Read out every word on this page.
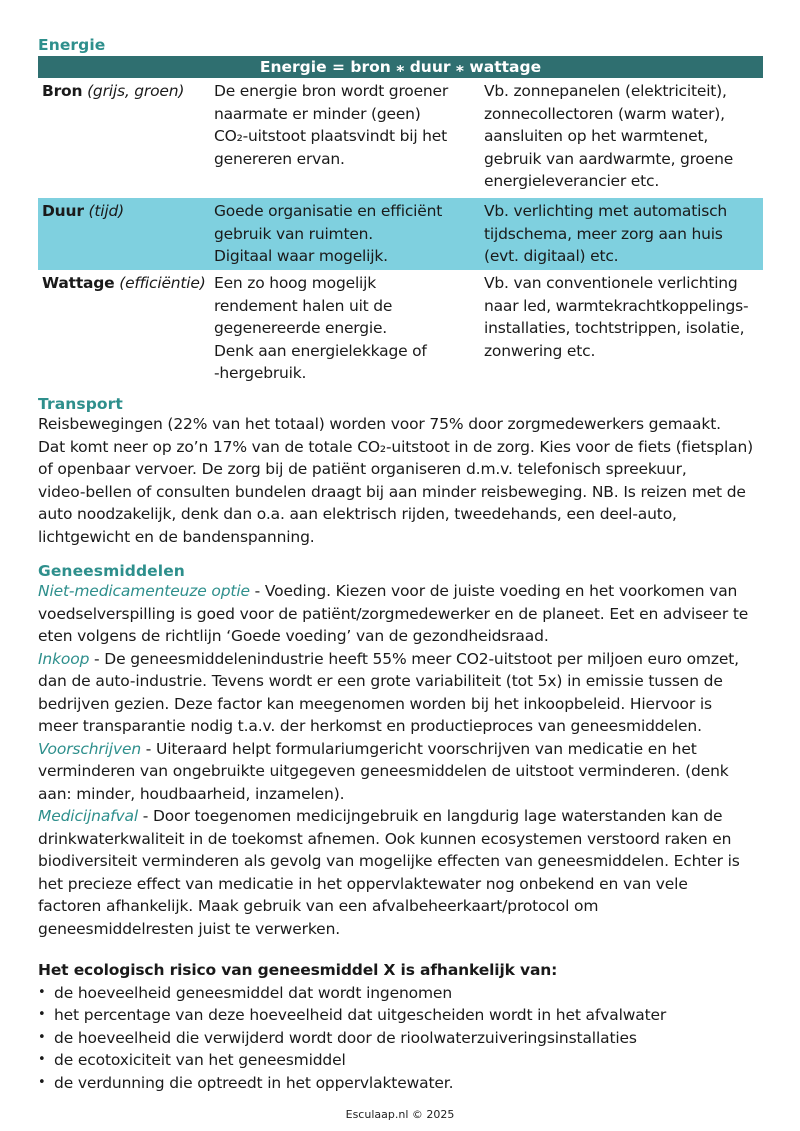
Energie
Energie = bron ⁎ duur ⁎ wattage
Bron (grijs, groen)	De energie bron wordt groener
naarmate er minder (geen)
CO₂-uitstoot plaatsvindt bij het
genereren ervan.
Vb. zonnepanelen (elektriciteit),
zonnecollectoren (warm water),
aansluiten op het warmtenet,
gebruik van aardwarmte, groene
energieleverancier etc.
Duur (tijd)	Goede organisatie en efficiënt
gebruik van ruimten.
Digitaal waar mogelijk.
Vb. verlichting met automatisch
tijdschema, meer zorg aan huis
(evt. digitaal) etc.
Wattage (efficiëntie) Een zo hoog mogelijk
rendement halen uit de
gegenereerde energie.
Denk aan energielekkage of
-hergebruik.
Vb. van conventionele verlichting
naar led, warmtekrachtkoppelings-
installaties, tochtstrippen, isolatie,
zonwering etc.
Transport

Reisbewegingen (22% van het totaal) worden voor 75% door zorgmedewerkers gemaakt.
Dat komt neer op zo’n 17% van de totale CO₂-uitstoot in de zorg. Kies voor de fiets (fietsplan)
of openbaar vervoer. De zorg bij de patiënt organiseren d.m.v. telefonisch spreekuur,
video-bellen of consulten bundelen draagt bij aan minder reisbeweging. NB. Is reizen met de
auto noodzakelijk, denk dan o.a. aan elektrisch rijden, tweedehands, een deel-auto,
lichtgewicht en de bandenspanning.

Geneesmiddelen

Niet-medicamenteuze optie - Voeding. Kiezen voor de juiste voeding en het voorkomen van
voedselverspilling is goed voor de patiënt/zorgmedewerker en de planeet. Eet en adviseer te
eten volgens de richtlijn ‘Goede voeding’ van de gezondheidsraad.

Inkoop - De geneesmiddelenindustrie heeft 55% meer CO2-uitstoot per miljoen euro omzet,
dan de auto-industrie. Tevens wordt er een grote variabiliteit (tot 5x) in emissie tussen de
bedrijven gezien. Deze factor kan meegenomen worden bij het inkoopbeleid. Hiervoor is
meer transparantie nodig t.a.v. der herkomst en productieproces van geneesmiddelen.

Voorschrijven - Uiteraard helpt formulariumgericht voorschrijven van medicatie en het
verminderen van ongebruikte uitgegeven geneesmiddelen de uitstoot verminderen. (denk
aan: minder, houdbaarheid, inzamelen).

Medicijnafval - Door toegenomen medicijngebruik en langdurig lage waterstanden kan de
drinkwaterkwaliteit in de toekomst afnemen. Ook kunnen ecosystemen verstoord raken en
biodiversiteit verminderen als gevolg van mogelijke effecten van geneesmiddelen. Echter is
het precieze effect van medicatie in het oppervlaktewater nog onbekend en van vele
factoren afhankelijk. Maak gebruik van een afvalbeheerkaart/protocol om
geneesmiddelresten juist te verwerken.

Het ecologisch risico van geneesmiddel X is afhankelijk van:

• de hoeveelheid geneesmiddel dat wordt ingenomen
• het percentage van deze hoeveelheid dat uitgescheiden wordt in het afvalwater
• de hoeveelheid die verwijderd wordt door de rioolwaterzuiveringsinstallaties
• de ecotoxiciteit van het geneesmiddel
• de verdunning die optreedt in het oppervlaktewater.
Esculaap.nl © 2025
